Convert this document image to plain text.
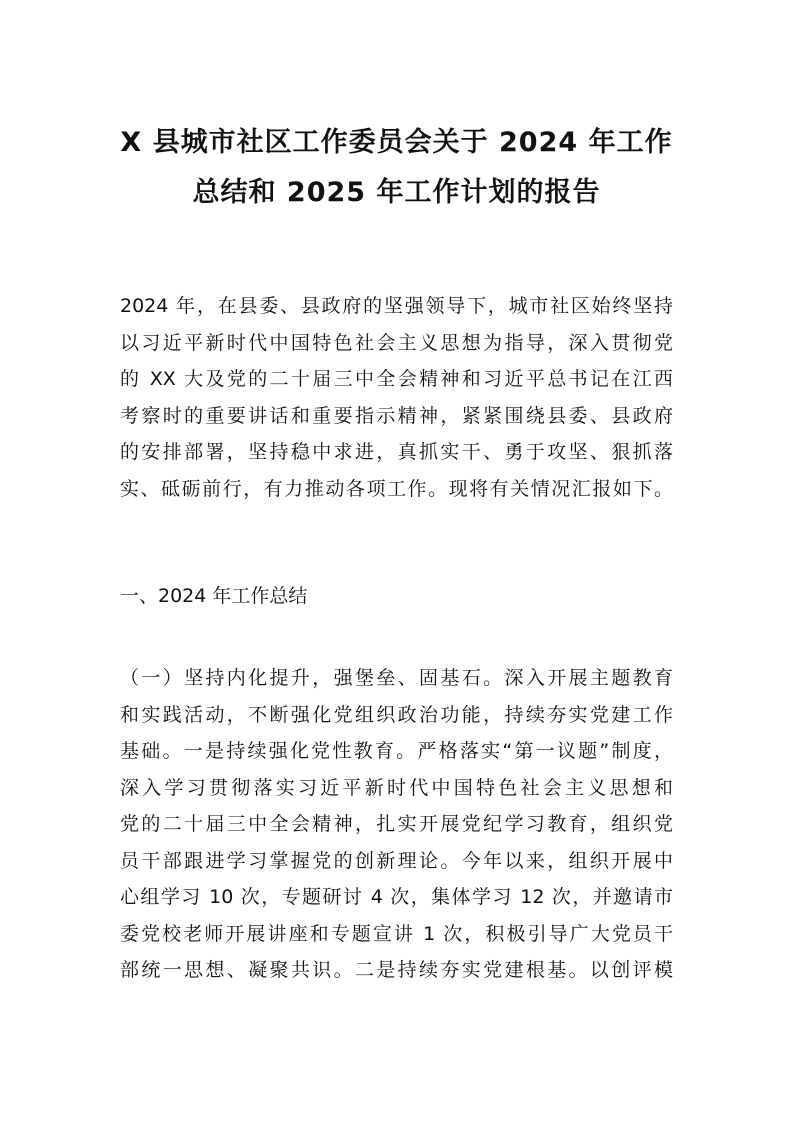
X 县城市社区工作委员会关于 2024 年工作
总结和 2025 年工作计划的报告
2024 年，在县委、县政府的坚强领导下，城市社区始终坚持
以习近平新时代中国特色社会主义思想为指导，深入贯彻党
的 XX 大及党的二十届三中全会精神和习近平总书记在江西
考察时的重要讲话和重要指示精神，紧紧围绕县委、县政府
的安排部署，坚持稳中求进，真抓实干、勇于攻坚、狠抓落
实、砥砺前行，有力推动各项工作。现将有关情况汇报如下。
一、2024 年工作总结
（一）坚持内化提升，强堡垒、固基石。深入开展主题教育
和实践活动，不断强化党组织政治功能，持续夯实党建工作
基础。一是持续强化党性教育。严格落实“第一议题”制度，
深入学习贯彻落实习近平新时代中国特色社会主义思想和
党的二十届三中全会精神，扎实开展党纪学习教育，组织党
员干部跟进学习掌握党的创新理论。今年以来，组织开展中
心组学习 10 次，专题研讨 4 次，集体学习 12 次，并邀请市
委党校老师开展讲座和专题宣讲 1 次，积极引导广大党员干
部统一思想、凝聚共识。二是持续夯实党建根基。以创评模
